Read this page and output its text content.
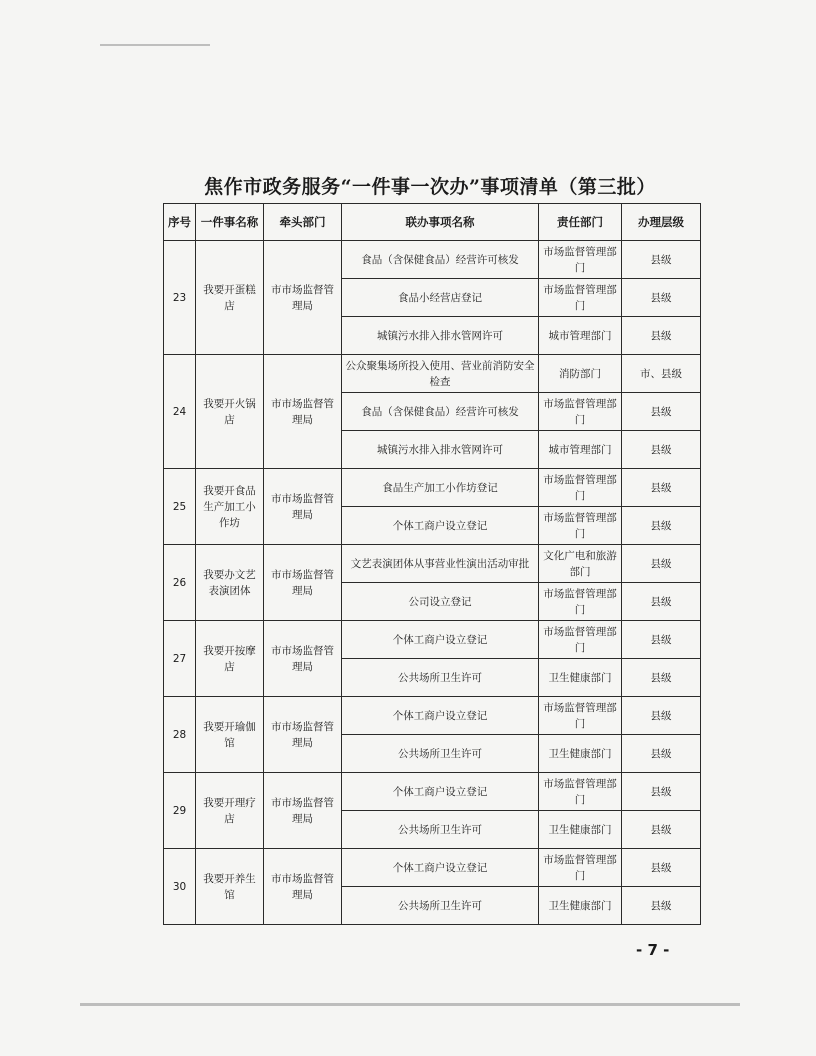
焦作市政务服务“一件事一次办”事项清单（第三批）
序号	一件事名称	牵头部门	联办事项名称	责任部门	办理层级
23	我要开蛋糕店	市市场监督管理局	食品（含保健食品）经营许可核发	市场监督管理部门	县级
			食品小经营店登记	市场监督管理部门	县级
			城镇污水排入排水管网许可	城市管理部门	县级
24	我要开火锅店	市市场监督管理局	公众聚集场所投入使用、营业前消防安全检查	消防部门	市、县级
			食品（含保健食品）经营许可核发	市场监督管理部门	县级
			城镇污水排入排水管网许可	城市管理部门	县级
25	我要开食品生产加工小作坊	市市场监督管理局	食品生产加工小作坊登记	市场监督管理部门	县级
			个体工商户设立登记	市场监督管理部门	县级
26	我要办文艺表演团体	市市场监督管理局	文艺表演团体从事营业性演出活动审批	文化广电和旅游部门	县级
			公司设立登记	市场监督管理部门	县级
27	我要开按摩店	市市场监督管理局	个体工商户设立登记	市场监督管理部门	县级
			公共场所卫生许可	卫生健康部门	县级
28	我要开瑜伽馆	市市场监督管理局	个体工商户设立登记	市场监督管理部门	县级
			公共场所卫生许可	卫生健康部门	县级
29	我要开理疗店	市市场监督管理局	个体工商户设立登记	市场监督管理部门	县级
			公共场所卫生许可	卫生健康部门	县级
30	我要开养生馆	市市场监督管理局	个体工商户设立登记	市场监督管理部门	县级
			公共场所卫生许可	卫生健康部门	县级
- 7 -
